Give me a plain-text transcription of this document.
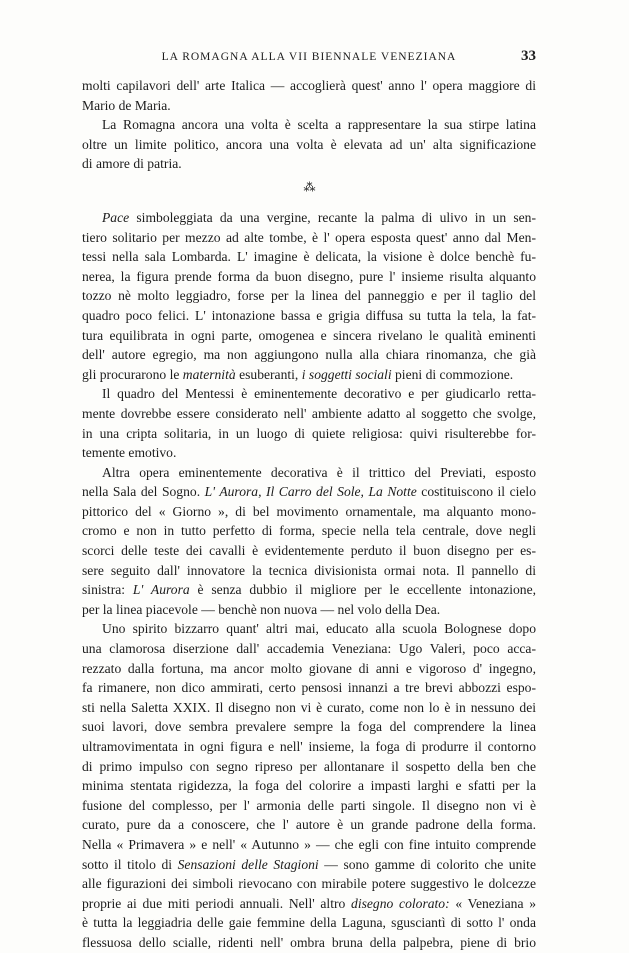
LA ROMAGNA ALLA VII BIENNALE VENEZIANA	33
molti capilavori dell' arte Italica — accoglierà quest' anno l' opera maggiore di
Mario de Maria.
La Romagna ancora una volta è scelta a rappresentare la sua stirpe latina
oltre un limite politico, ancora una volta è elevata ad un' alta significazione
di amore di patria.
⁂
Pace simboleggiata da una vergine, recante la palma di ulivo in un sen-
tiero solitario per mezzo ad alte tombe, è l' opera esposta quest' anno dal Men-
tessi nella sala Lombarda. L' imagine è delicata, la visione è dolce benchè fu-
nerea, la figura prende forma da buon disegno, pure l' insieme risulta alquanto
tozzo nè molto leggiadro, forse per la linea del panneggio e per il taglio del
quadro poco felici. L' intonazione bassa e grigia diffusa su tutta la tela, la fat-
tura equilibrata in ogni parte, omogenea e sincera rivelano le qualità eminenti
dell' autore egregio, ma non aggiungono nulla alla chiara rinomanza, che già
gli procurarono le maternità esuberanti, i soggetti sociali pieni di commozione.
Il quadro del Mentessi è eminentemente decorativo e per giudicarlo retta-
mente dovrebbe essere considerato nell' ambiente adatto al soggetto che svolge,
in una cripta solitaria, in un luogo di quiete religiosa: quivi risulterebbe for-
temente emotivo.
Altra opera eminentemente decorativa è il trittico del Previati, esposto
nella Sala del Sogno. L' Aurora, Il Carro del Sole, La Notte costituiscono il cielo
pittorico del « Giorno », di bel movimento ornamentale, ma alquanto mono-
cromo e non in tutto perfetto di forma, specie nella tela centrale, dove negli
scorci delle teste dei cavalli è evidentemente perduto il buon disegno per es-
sere seguito dall' innovatore la tecnica divisionista ormai nota. Il pannello di
sinistra: L' Aurora è senza dubbio il migliore per le eccellente intonazione,
per la linea piacevole — benchè non nuova — nel volo della Dea.
Uno spirito bizzarro quant' altri mai, educato alla scuola Bolognese dopo
una clamorosa diserzione dall' accademia Veneziana: Ugo Valeri, poco acca-
rezzato dalla fortuna, ma ancor molto giovane di anni e vigoroso d' ingegno,
fa rimanere, non dico ammirati, certo pensosi innanzi a tre brevi abbozzi espo-
sti nella Saletta XXIX. Il disegno non vi è curato, come non lo è in nessuno dei
suoi lavori, dove sembra prevalere sempre la foga del comprendere la linea
ultramovimentata in ogni figura e nell' insieme, la foga di produrre il contorno
di primo impulso con segno ripreso per allontanare il sospetto della ben che
minima stentata rigidezza, la foga del colorire a impasti larghi e sfatti per la
fusione del complesso, per l' armonia delle parti singole. Il disegno non vi è
curato, pure da a conoscere, che l' autore è un grande padrone della forma.
Nella « Primavera » e nell' « Autunno » — che egli con fine intuito comprende
sotto il titolo di Sensazioni delle Stagioni — sono gamme di colorito che unite
alle figurazioni dei simboli rievocano con mirabile potere suggestivo le dolcezze
proprie ai due miti periodi annuali. Nell' altro disegno colorato: « Veneziana »
è tutta la leggiadria delle gaie femmine della Laguna, sgusciantì di sotto l' onda
flessuosa dello scialle, ridenti nell' ombra bruna della palpebra, piene di brio
